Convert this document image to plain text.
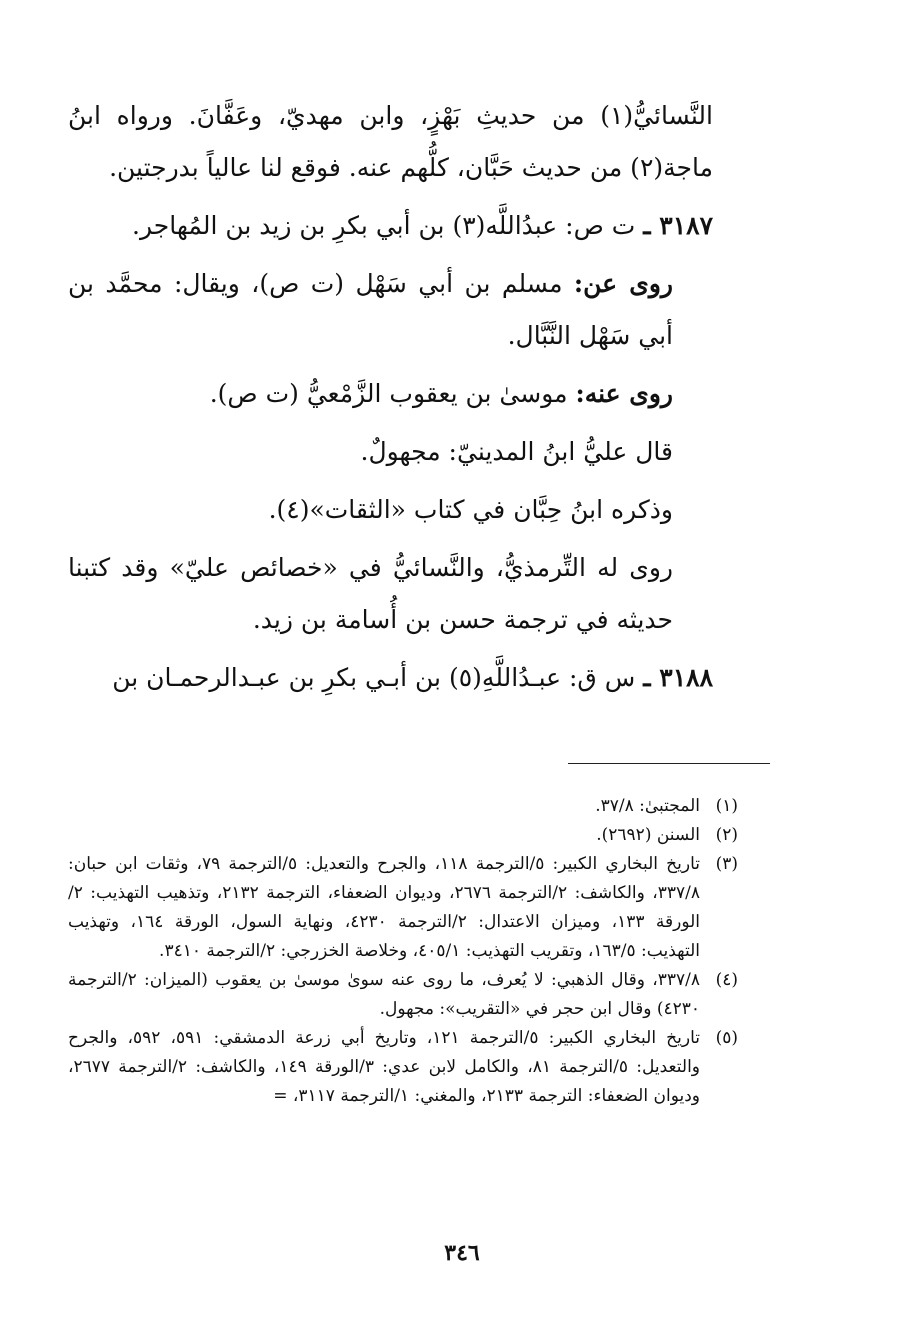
النَّسائيُّ(١) من حديثِ بَهْزٍ، وابن مهديّ، وعَفَّانَ. ورواه ابنُ ماجة(٢) من حديث حَبَّان، كلُّهم عنه. فوقع لنا عالياً بدرجتين.

٣١٨٧ ـ ت ص: عبدُاللَّه(٣) بن أبي بكرِ بن زيد بن المُهاجر.

روى عن: مسلم بن أبي سَهْل (ت ص)، ويقال: محمَّد بن أبي سَهْل النَّبَّال.

روى عنه: موسىٰ بن يعقوب الزَّمْعيُّ (ت ص).

قال عليُّ ابنُ المدينيّ: مجهولٌ.

وذكره ابنُ حِبَّان في كتاب «الثقات»(٤).

روى له التِّرمذيُّ، والنَّسائيُّ في «خصائص عليّ» وقد كتبنا حديثه في ترجمة حسن بن أُسامة بن زيد.

٣١٨٨ ـ س ق: عبـدُاللَّهِ(٥) بن أبـي بكرِ بن عبـدالرحمـان بن

(١)
المجتبىٰ: ٣٧/٨.
(٢)
السنن (٢٦٩٢).
(٣)
تاريخ البخاري الكبير: ٥/الترجمة ١١٨، والجرح والتعديل: ٥/الترجمة ٧٩، وثقات ابن حبان: ٣٣٧/٨، والكاشف: ٢/الترجمة ٢٦٧٦، وديوان الضعفاء، الترجمة ٢١٣٢، وتذهيب التهذيب: ٢/الورقة ١٣٣، وميزان الاعتدال: ٢/الترجمة ٤٢٣٠، ونهاية السول، الورقة ١٦٤، وتهذيب التهذيب: ١٦٣/٥، وتقريب التهذيب: ٤٠٥/١، وخلاصة الخزرجي: ٢/الترجمة ٣٤١٠.
(٤)
٣٣٧/٨، وقال الذهبي: لا يُعرف، ما روى عنه سوىٰ موسىٰ بن يعقوب (الميزان: ٢/الترجمة ٤٢٣٠) وقال ابن حجر في «التقريب»: مجهول.
(٥)
تاريخ البخاري الكبير: ٥/الترجمة ١٢١، وتاريخ أبي زرعة الدمشقي: ٥٩١، ٥٩٢، والجرح والتعديل: ٥/الترجمة ٨١، والكامل لابن عدي: ٣/الورقة ١٤٩، والكاشف: ٢/الترجمة ٢٦٧٧، وديوان الضعفاء: الترجمة ٢١٣٣، والمغني: ١/الترجمة ٣١١٧، =
٣٤٦
